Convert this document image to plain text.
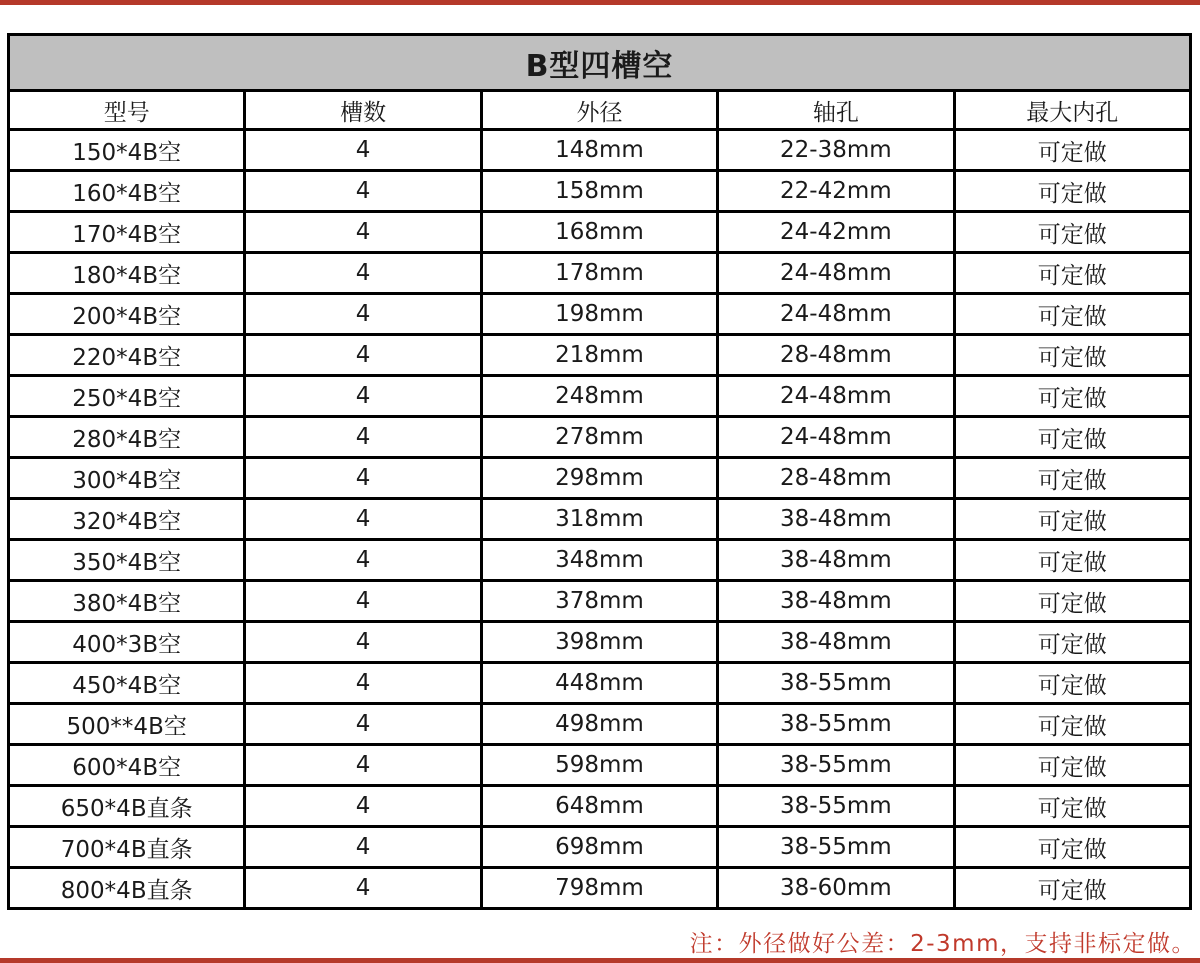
B型四槽空				
型号	槽数	外径	轴孔	最大内孔
150*4B空	4	148mm	22-38mm	可定做
160*4B空	4	158mm	22-42mm	可定做
170*4B空	4	168mm	24-42mm	可定做
180*4B空	4	178mm	24-48mm	可定做
200*4B空	4	198mm	24-48mm	可定做
220*4B空	4	218mm	28-48mm	可定做
250*4B空	4	248mm	24-48mm	可定做
280*4B空	4	278mm	24-48mm	可定做
300*4B空	4	298mm	28-48mm	可定做
320*4B空	4	318mm	38-48mm	可定做
350*4B空	4	348mm	38-48mm	可定做
380*4B空	4	378mm	38-48mm	可定做
400*3B空	4	398mm	38-48mm	可定做
450*4B空	4	448mm	38-55mm	可定做
500**4B空	4	498mm	38-55mm	可定做
600*4B空	4	598mm	38-55mm	可定做
650*4B直条	4	648mm	38-55mm	可定做
700*4B直条	4	698mm	38-55mm	可定做
800*4B直条	4	798mm	38-60mm	可定做
注：外径做好公差：2-3mm，支持非标定做。
